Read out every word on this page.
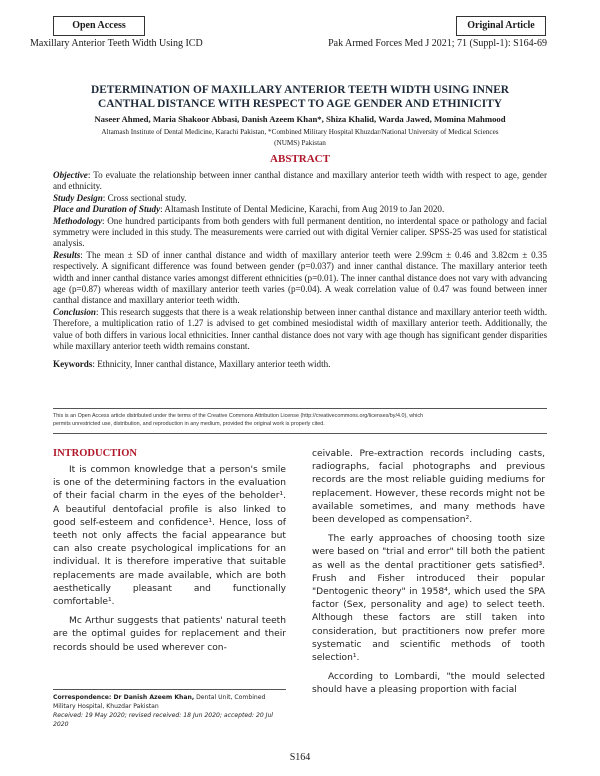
Open Access	Original Article
Maxillary Anterior Teeth Width Using ICD	Pak Armed Forces Med J 2021; 71 (Suppl-1): S164-69
DETERMINATION OF MAXILLARY ANTERIOR TEETH WIDTH USING INNER
CANTHAL DISTANCE WITH RESPECT TO AGE GENDER AND ETHINICITY
Naseer Ahmed, Maria Shakoor Abbasi, Danish Azeem Khan*, Shiza Khalid, Warda Jawed, Momina Mahmood
Altamash Institute of Dental Medicine, Karachi Pakistan, *Combined Military Hospital Khuzdar/National University of Medical Sciences
(NUMS) Pakistan
ABSTRACT

Objective: To evaluate the relationship between inner canthal distance and maxillary anterior teeth width with respect to age, gender and ethnicity.

Study Design: Cross sectional study.

Place and Duration of Study: Altamash Institute of Dental Medicine, Karachi, from Aug 2019 to Jan 2020.

Methodology: One hundred participants from both genders with full permanent dentition, no interdental space or pathology and facial symmetry were included in this study. The measurements were carried out with digital Vernier caliper. SPSS-25 was used for statistical analysis.

Results: The mean ± SD of inner canthal distance and width of maxillary anterior teeth were 2.99cm ± 0.46 and 3.82cm ± 0.35 respectively. A significant difference was found between gender (p=0.037) and inner canthal distance. The maxillary anterior teeth width and inner canthal distance varies amongst different ethnicities (p=0.01). The inner canthal distance does not vary with advancing age (p=0.87) whereas width of maxillary anterior teeth varies (p=0.04). A weak correlation value of 0.47 was found between inner canthal distance and maxillary anterior teeth width.

Conclusion: This research suggests that there is a weak relationship between inner canthal distance and maxillary anterior teeth width. Therefore, a multiplication ratio of 1.27 is advised to get combined mesiodistal width of maxillary anterior teeth. Additionally, the value of both differs in various local ethnicities. Inner canthal distance does not vary with age though has significant gender disparities while maxillary anterior teeth width remains constant.

Keywords: Ethnicity, Inner canthal distance, Maxillary anterior teeth width.

This is an Open Access article distributed under the terms of the Creative Commons Attribution License (http://creativecommons.org/licenses/by/4.0), which
permits unrestricted use, distribution, and reproduction in any medium, provided the original work is properly cited.
INTRODUCTION

It is common knowledge that a person's smile is one of the determining factors in the evaluation of their facial charm in the eyes of the beholder¹. A beautiful dentofacial profile is also linked to good self-esteem and confidence¹. Hence, loss of teeth not only affects the facial appearance but can also create psychological implications for an individual. It is therefore imperative that suitable replacements are made available, which are both aesthetically pleasant and functionally comfortable¹.

Mc Arthur suggests that patients' natural teeth are the optimal guides for replacement and their records should be used wherever con-

ceivable. Pre-extraction records including casts, radiographs, facial photographs and previous records are the most reliable guiding mediums for replacement. However, these records might not be available sometimes, and many methods have been developed as compensation².

The early approaches of choosing tooth size were based on "trial and error" till both the patient as well as the dental practitioner gets satisfied³. Frush and Fisher introduced their popular "Dentogenic theory" in 1958⁴, which used the SPA factor (Sex, personality and age) to select teeth. Although these factors are still taken into consideration, but practitioners now prefer more systematic and scientific methods of tooth selection¹.

According to Lombardi, "the mould selected should have a pleasing proportion with facial

Correspondence: Dr Danish Azeem Khan, Dental Unit, Combined Military Hospital, Khuzdar Pakistan
Received: 19 May 2020; revised received: 18 Jun 2020; accepted: 20 Jul 2020
S164
